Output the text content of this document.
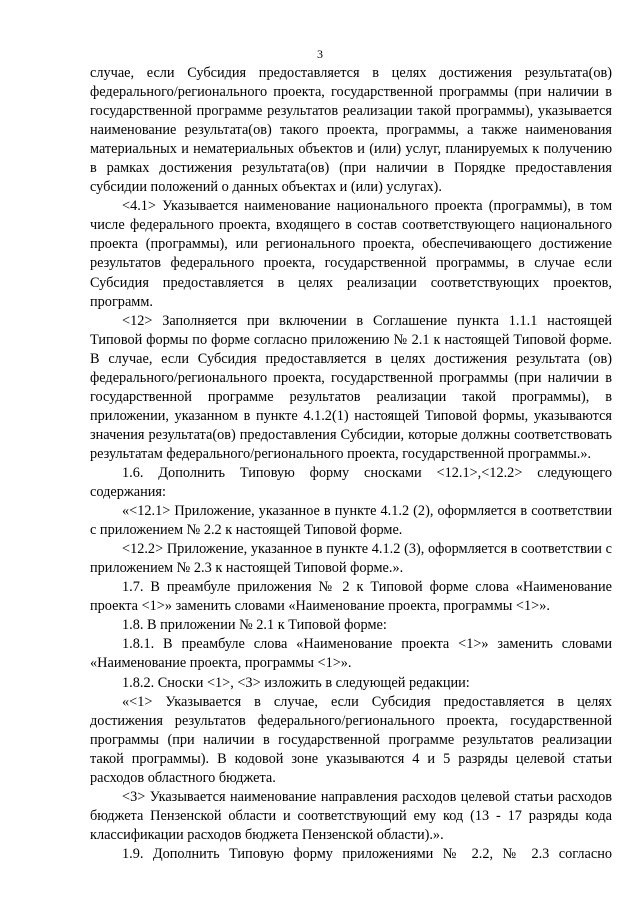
3

случае, если Субсидия предоставляется в целях достижения результата(ов) федерального/регионального проекта, государственной программы (при наличии в государственной программе результатов реализации такой программы), указывается наименование результата(ов) такого проекта, программы, а также наименования материальных и нематериальных объектов и (или) услуг, планируемых к получению в рамках достижения результата(ов) (при наличии в Порядке предоставления субсидии положений о данных объектах и (или) услугах).

<4.1> Указывается наименование национального проекта (программы), в том числе федерального проекта, входящего в состав соответствующего национального проекта (программы), или регионального проекта, обеспечивающего достижение результатов федерального проекта, государственной программы, в случае если Субсидия предоставляется в целях реализации соответствующих проектов, программ.

<12> Заполняется при включении в Соглашение пункта 1.1.1 настоящей Типовой формы по форме согласно приложению № 2.1 к настоящей Типовой форме. В случае, если Субсидия предоставляется в целях достижения результата (ов) федерального/регионального проекта, государственной программы (при наличии в государственной программе результатов реализации такой программы), в приложении, указанном в пункте 4.1.2(1) настоящей Типовой формы, указываются значения результата(ов) предоставления Субсидии, которые должны соответствовать результатам федерального/регионального проекта, государственной программы.».

1.6. Дополнить Типовую форму сносками <12.1>,<12.2> следующего содержания:

«<12.1> Приложение, указанное в пункте 4.1.2 (2), оформляется в соответствии с приложением № 2.2 к настоящей Типовой форме.

<12.2> Приложение, указанное в пункте 4.1.2 (3), оформляется в соответствии с приложением № 2.3 к настоящей Типовой форме.».

1.7. В преамбуле приложения № 2 к Типовой форме слова «Наименование проекта <1>» заменить словами «Наименование проекта, программы <1>».

1.8. В приложении № 2.1 к Типовой форме:

1.8.1. В преамбуле слова «Наименование проекта <1>» заменить словами «Наименование проекта, программы <1>».

1.8.2. Сноски <1>, <3> изложить в следующей редакции:

«<1> Указывается в случае, если Субсидия предоставляется в целях достижения результатов федерального/регионального проекта, государственной программы (при наличии в государственной программе результатов реализации такой программы). В кодовой зоне указываются 4 и 5 разряды целевой статьи расходов областного бюджета.

<3> Указывается наименование направления расходов целевой статьи расходов бюджета Пензенской области и соответствующий ему код (13 - 17 разряды кода классификации расходов бюджета Пензенской области).».

1.9. Дополнить Типовую форму приложениями № 2.2, № 2.3 согласно
